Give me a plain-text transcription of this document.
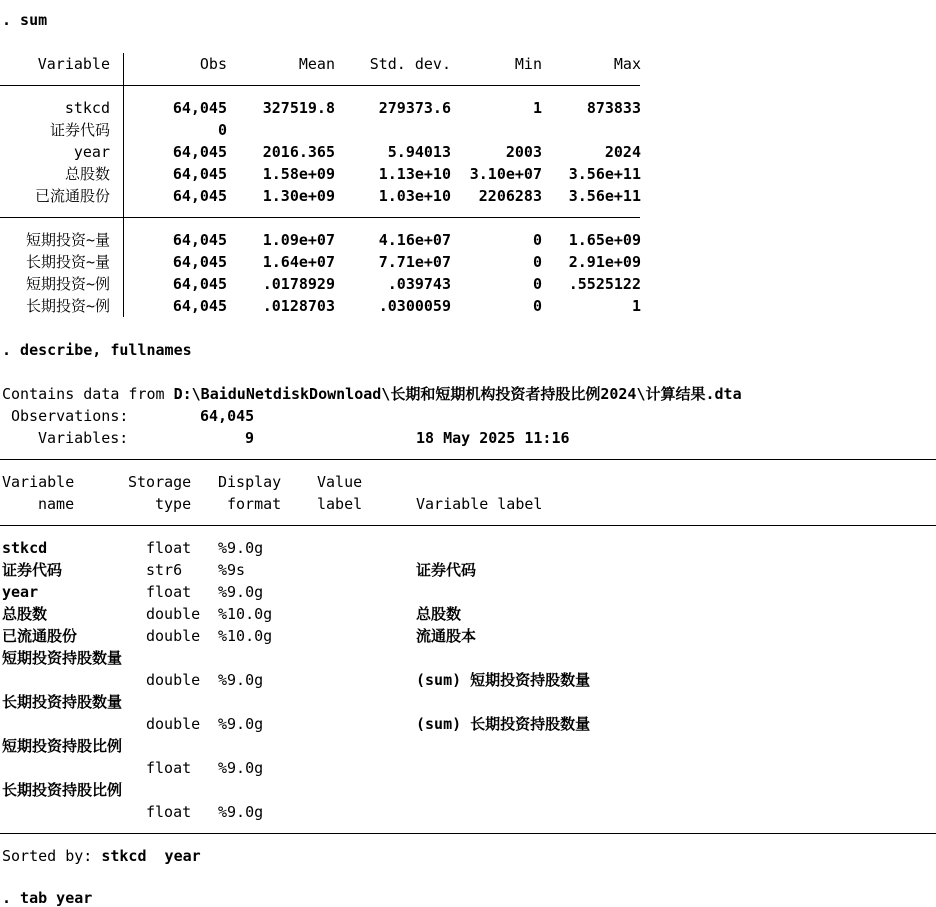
. sum
Variable	Obs	Mean Std. dev.	Min	Max
stkcd	64,045 327519.8	279373.6	1	873833
证券代码	0
year	64,045 2016.365	5.94013	2003	2024
总股数	64,045 1.58e+09	1.13e+10 3.10e+07 3.56e+11
已流通股份	64,045 1.30e+09	1.03e+10 2206283 3.56e+11
短期投资~量	64,045 1.09e+07	4.16e+07	0 1.65e+09
长期投资~量	64,045 1.64e+07	7.71e+07	0 2.91e+09
短期投资~例	64,045 .0178929	.039743	0 .5525122
长期投资~例	64,045 .0128703	.0300059	0	1
. describe, fullnames
Contains data from D:\BaiduNetdiskDownload\长期和短期机构投资者持股比例2024\计算结果.dta
Observations:	64,045
Variables:	9	18 May 2025 11:16
Variable	Storage Display Value
name	type format label	Variable label
stkcd	float %9.0g
证券代码	str6 %9s	证券代码
year	float %9.0g
总股数	double %10.0g	总股数
已流通股份	double %10.0g	流通股本
短期投资持股数量
double %9.0g	(sum) 短期投资持股数量
长期投资持股数量
double %9.0g	(sum) 长期投资持股数量
短期投资持股比例
float %9.0g
长期投资持股比例
float %9.0g
Sorted by: stkcd  year
. tab year
